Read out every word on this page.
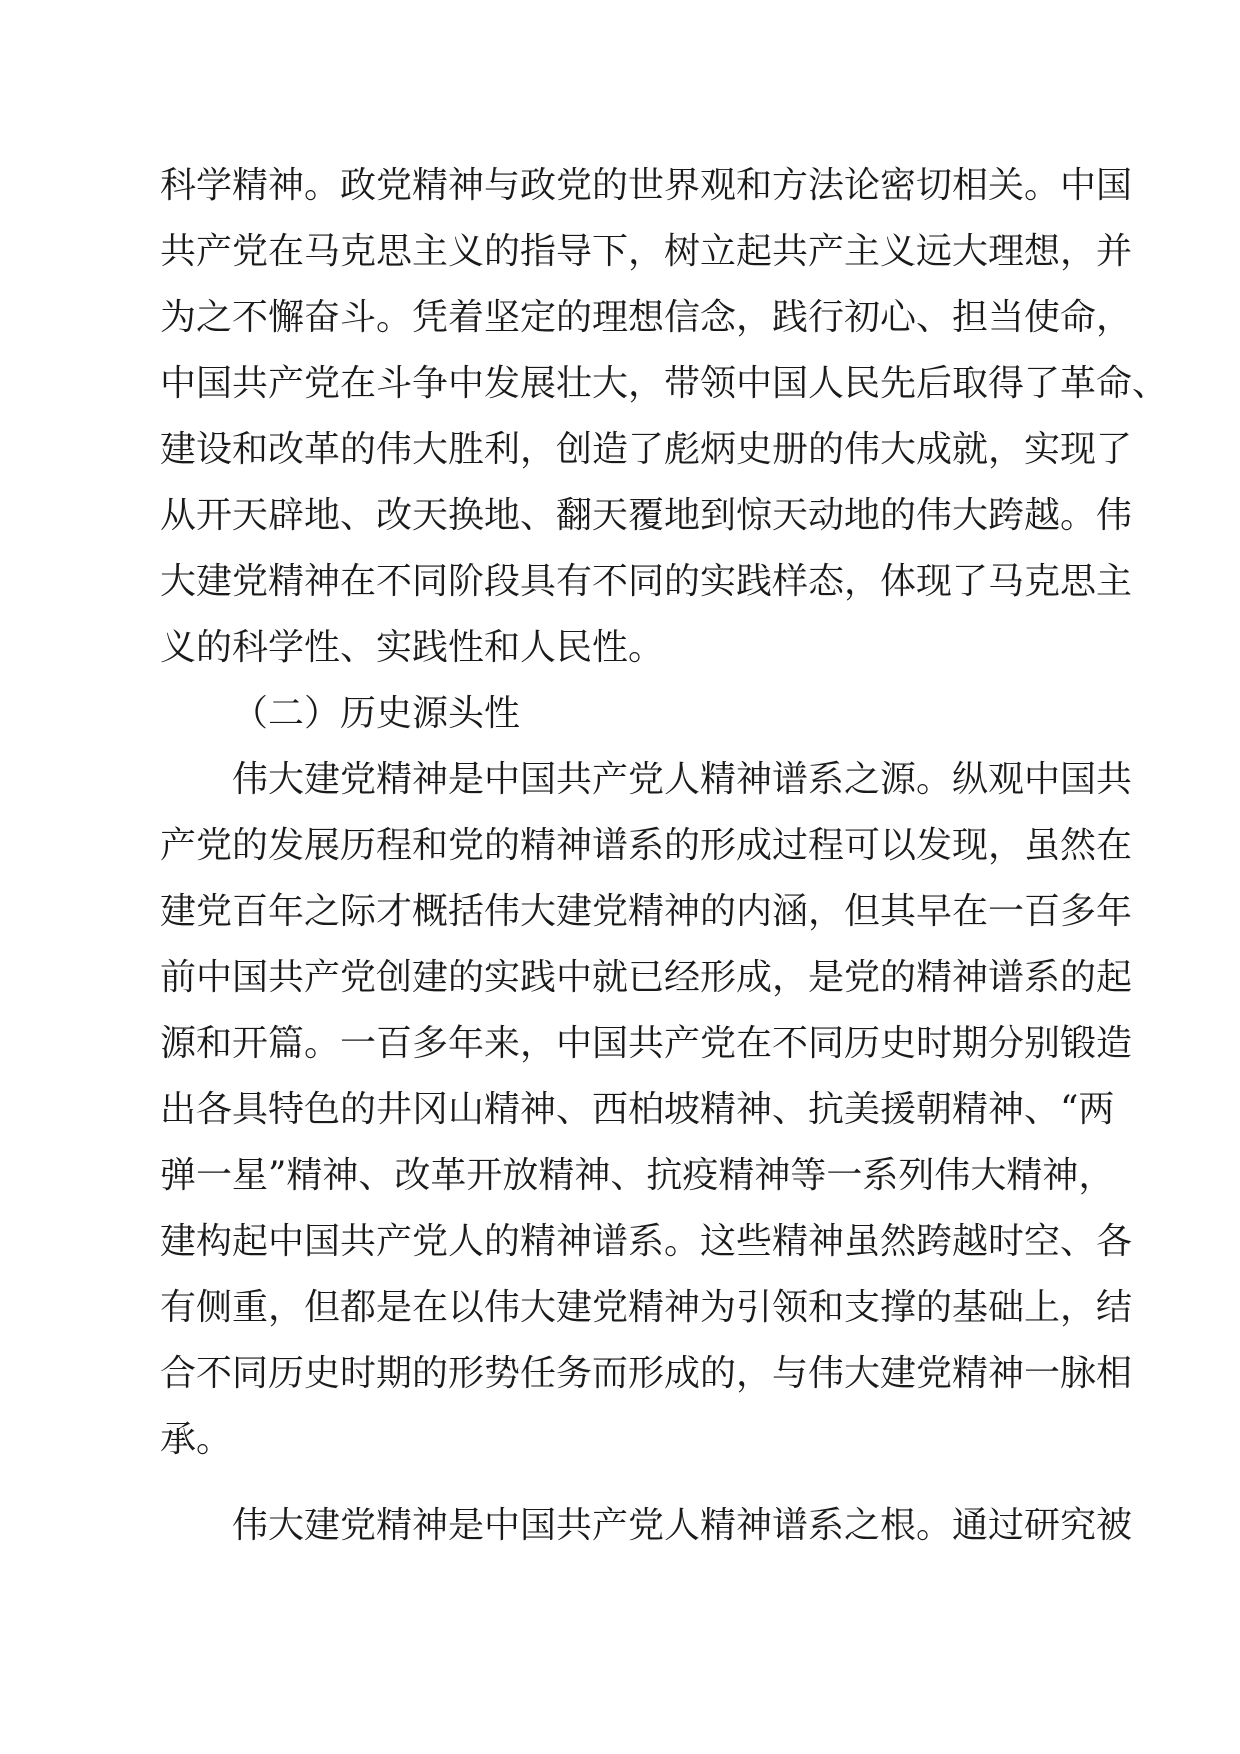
科学精神。政党精神与政党的世界观和方法论密切相关。中国
共产党在马克思主义的指导下，树立起共产主义远大理想，并
为之不懈奋斗。凭着坚定的理想信念，践行初心、担当使命，
中国共产党在斗争中发展壮大，带领中国人民先后取得了革命、
建设和改革的伟大胜利，创造了彪炳史册的伟大成就，实现了
从开天辟地、改天换地、翻天覆地到惊天动地的伟大跨越。伟
大建党精神在不同阶段具有不同的实践样态，体现了马克思主
义的科学性、实践性和人民性。
（二）历史源头性
伟大建党精神是中国共产党人精神谱系之源。纵观中国共
产党的发展历程和党的精神谱系的形成过程可以发现，虽然在
建党百年之际才概括伟大建党精神的内涵，但其早在一百多年
前中国共产党创建的实践中就已经形成，是党的精神谱系的起
源和开篇。一百多年来，中国共产党在不同历史时期分别锻造
出各具特色的井冈山精神、西柏坡精神、抗美援朝精神、“两
弹一星”精神、改革开放精神、抗疫精神等一系列伟大精神，
建构起中国共产党人的精神谱系。这些精神虽然跨越时空、各
有侧重，但都是在以伟大建党精神为引领和支撑的基础上，结
合不同历史时期的形势任务而形成的，与伟大建党精神一脉相
承。
伟大建党精神是中国共产党人精神谱系之根。通过研究被
